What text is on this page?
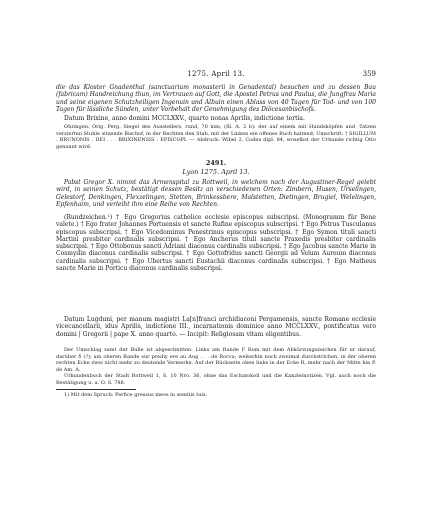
1275. April 13.	359
die das Kloster Gnadenthal (sanctuarium monasterii in Genadental) besuchen und zu dessen Bau (fabricam) Handreichung thun, im Vertrauen auf Gott, die Apostel Petrus und Paulus, die Jungfrau Maria und seine eigenen Schutzheiligen Ingenuin und Albuin einen Ablass von 40 Tagen für Tod- und von 100 Tagen für lässliche Sünden, unter Vorbehalt der Genehmigung des Diöcesanbischofs.
Datum Brixine, anno domini MCCLXXV., quarto nonas Aprilis, indictione tertia.
Ohringen. Orig. Perg. Siegel des Ausstellers, rund, 70 mm, (Ill. A. 2 b): der auf einem mit Hundsköpfen und ·Tatzen verzierten Stuhle sitzende Bischof, in der Rechten den Stab, mit der Linken ein offenes Buch haltend; Umschrift: † SIGILLUM . BRUNONIS . DEI . . . BRIXINENSIS . EPISCOPI. — Abdruck: Wibel 2, Codex dipl. 84, woselbst der Urkunde richtig Otto genannt wird.
2491.
Lyon 1275. April 13.
Pabst Gregor X. nimmt das Armenspital zu Rottweil, in welchem nach der Augustiner-Regel gelebt wird, in seinen Schutz, bestätigt dessen Besitz an verschiedenen Orten: Zimbern, Husen, Urselingen, Gelestorf, Denkingen, Flexzelingen, Stetten, Brinkessbere, Malstetten, Dietingen, Brugiel, Welelingen, Epfenhaim, und verleiht ihm eine Reihe von Rechten.
(Rundzeichen.¹) † Ego Gregorius catholice ecclesie episcopus subscripsi. (Monogramm für Bene valete.) † Ego frater Johannes Portuensis et sancte Rufine episcopus subscripsi. † Ego Petrus Tusculanus episcopus subscripsi. † Ego Vicedominus Penestrinus episcopus subscripsi. † Ego Symon tituli sancti Martini presbiter cardinalis subscripsi. † Ego Ancherus tituli sancte Praxedis presbiter cardinalis subscripsi. † Ego Ottobonus sancti Adriani diaconus cardinalis subscripsi. † Ego Jacobus sancte Marie in Cosmydin diaconus cardinalis subscripsi. † Ego Gottofridus sancti Georgii ad Velum Aureum diaconus cardinalis subscripsi. † Ego Ubertus sancti Eustachii diaconus cardinalis subscripsi. † Ego Matheus sancte Marie in Porticu diaconus cardinalis subscripsi.
Datum Lugduni, per manum magistri La[n]franci archidiaconi Pergamensis, sancte Romane ecclesie vicecancellarii, idus Aprilis, indictione III., incarnationis dominice anno MCCLXXV., pontificatus vero domini | Gregorii | pape X. anno quarto. — Incipit: Religiosam vitam eligentibus.
Der Umschlag samt der Bulle ist abgeschnitten. Links am Rande F Rom mit dem Abkürzungszeichen für ur darauf, darüber δ (?); am oberen Rande sur prediy ere au Aug . . . de Rocca; weiterhin noch zweimal durchstrichen, in der oberen rechten Ecke zwei nicht mehr zu deutende Vermerke. Auf der Rückseite oben links in der Ecke R, mehr nach der Mitte hin P. de Am. A.
Urkundenbuch der Stadt Rottweil 1, S. 10 Nro. 36, ohne das Eschatokoll und die Kanzleinotizen. Vgl. auch noch die Bestätigung u. a. O. S. 788.
1) Mit dem Spruch: Perfice gressus meos in semitis tuis.
